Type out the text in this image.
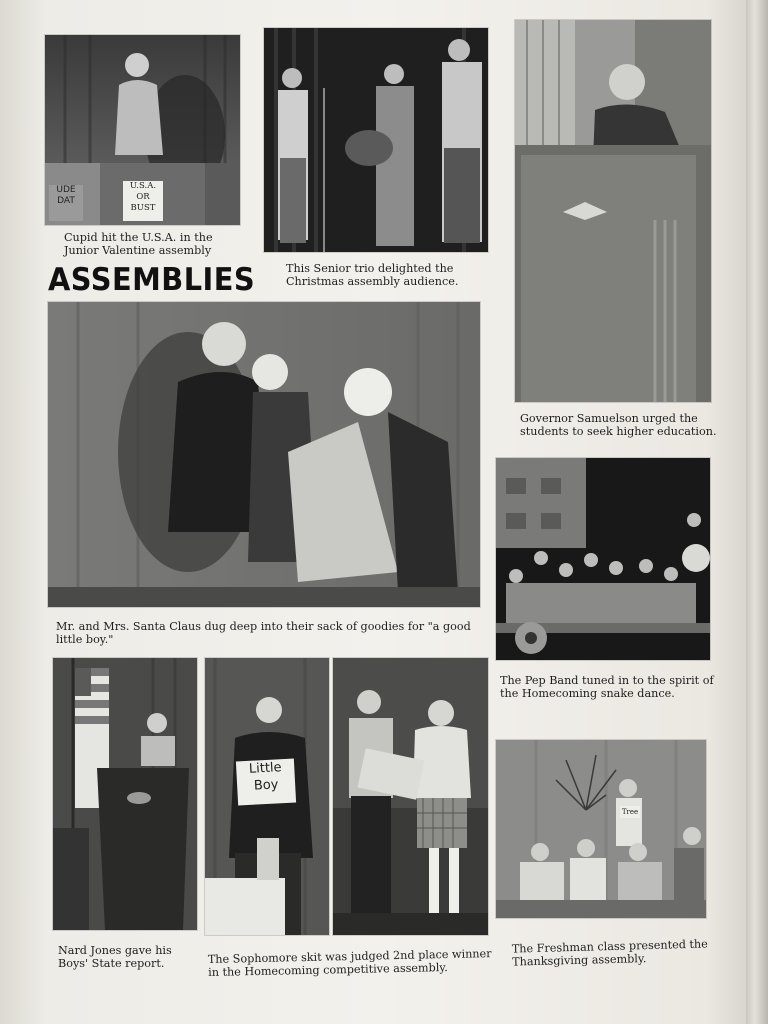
UDE
DAT
U.S.A.
OR
BUST
Cupid hit the U.S.A. in the Junior Valentine assembly
This Senior trio delighted the Christmas assembly audience.
Governor Samuelson urged the students to seek higher education.
ASSEMBLIES
Mr. and Mrs. Santa Claus dug deep into their sack of goodies for "a good little boy."
The Pep Band tuned in to the spirit of the Homecoming snake dance.
Nard Jones gave his Boys' State report.
Little
Boy
The Sophomore skit was judged 2nd place winner in the Homecoming competitive assembly.
Tree
The Freshman class presented the Thanksgiving assembly.
